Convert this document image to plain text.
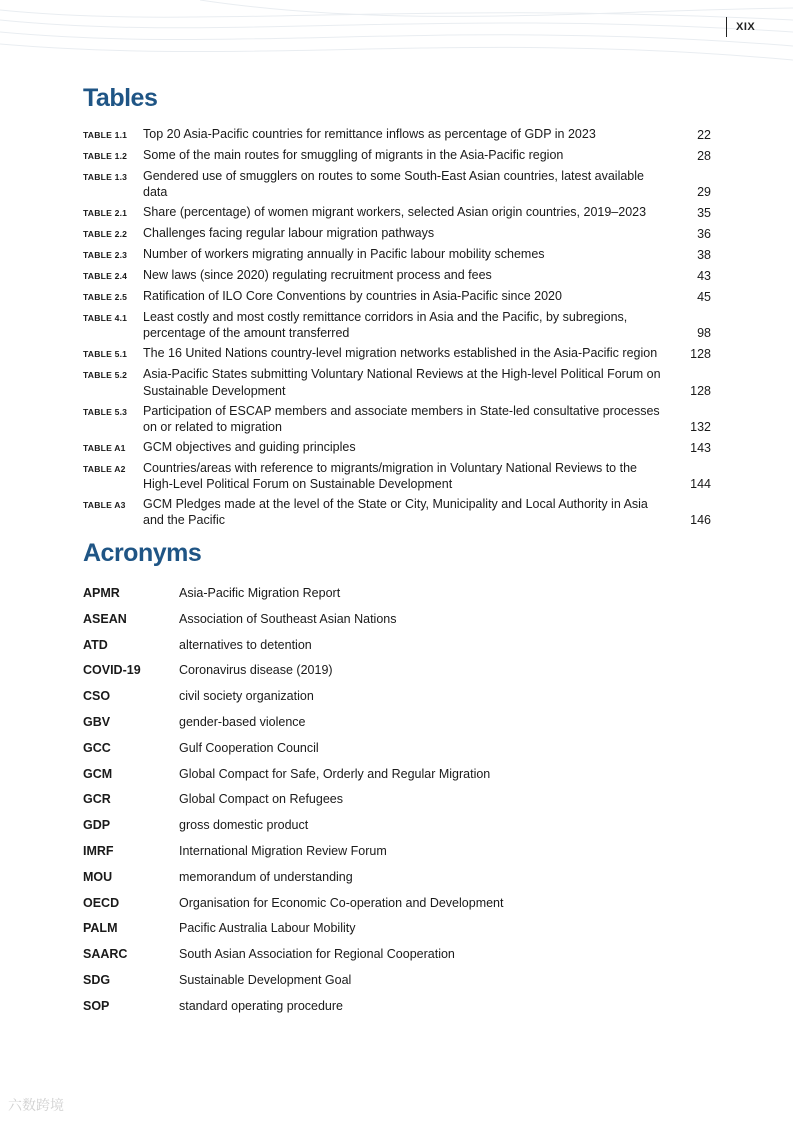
XIX
Tables
TABLE 1.1	Top 20 Asia-Pacific countries for remittance inflows as percentage of GDP in 2023	22
TABLE 1.2	Some of the main routes for smuggling of migrants in the Asia-Pacific region	28
TABLE 1.3	Gendered use of smugglers on routes to some South-East Asian countries, latest available data	29
TABLE 2.1	Share (percentage) of women migrant workers, selected Asian origin countries, 2019–2023	35
TABLE 2.2	Challenges facing regular labour migration pathways	36
TABLE 2.3	Number of workers migrating annually in Pacific labour mobility schemes	38
TABLE 2.4	New laws (since 2020) regulating recruitment process and fees	43
TABLE 2.5	Ratification of ILO Core Conventions by countries in Asia-Pacific since 2020	45
TABLE 4.1	Least costly and most costly remittance corridors in Asia and the Pacific, by subregions, percentage of the amount transferred	98
TABLE 5.1	The 16 United Nations country-level migration networks established in the Asia-Pacific region	128
TABLE 5.2	Asia-Pacific States submitting Voluntary National Reviews at the High-level Political Forum on Sustainable Development	128
TABLE 5.3	Participation of ESCAP members and associate members in State-led consultative processes on or related to migration	132
TABLE A1	GCM objectives and guiding principles	143
TABLE A2	Countries/areas with reference to migrants/migration in Voluntary National Reviews to the High-Level Political Forum on Sustainable Development	144
TABLE A3	GCM Pledges made at the level of the State or City, Municipality and Local Authority in Asia and the Pacific	146
Acronyms
APMR	Asia-Pacific Migration Report
ASEAN	Association of Southeast Asian Nations
ATD	alternatives to detention
COVID-19	Coronavirus disease (2019)
CSO	civil society organization
GBV	gender-based violence
GCC	Gulf Cooperation Council
GCM	Global Compact for Safe, Orderly and Regular Migration
GCR	Global Compact on Refugees
GDP	gross domestic product
IMRF	International Migration Review Forum
MOU	memorandum of understanding
OECD	Organisation for Economic Co-operation and Development
PALM	Pacific Australia Labour Mobility
SAARC	South Asian Association for Regional Cooperation
SDG	Sustainable Development Goal
SOP	standard operating procedure
六数跨境
